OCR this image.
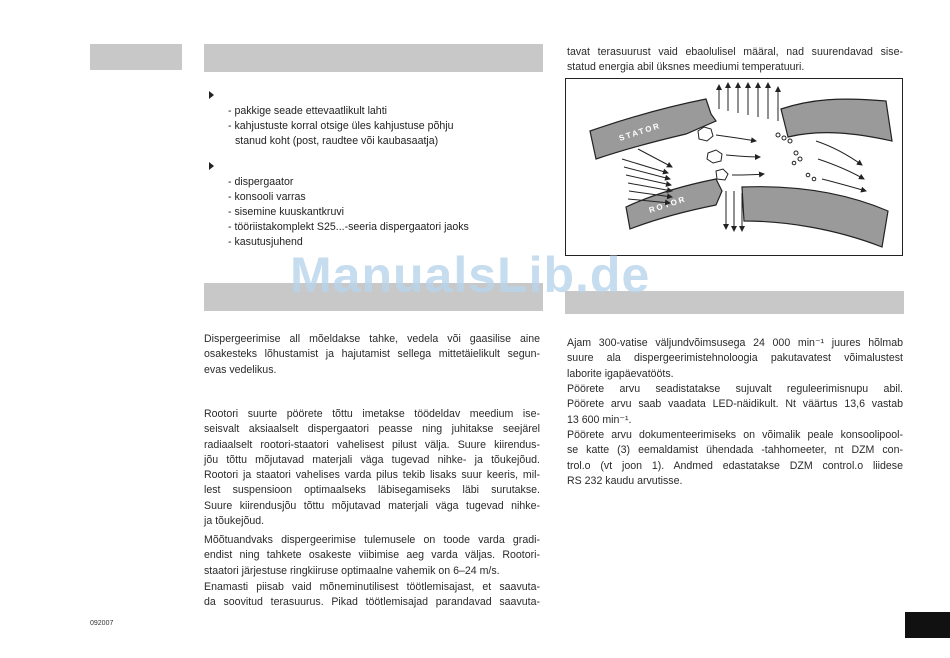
- pakkige seade ettevaatlikult lahti
- kahjustuste korral otsige üles kahjustuse põhju
stanud koht (post, raudtee või kaubasaatja)
- dispergaator
- konsooli varras
- sisemine kuuskantkruvi
- tööriistakomplekt S25...-seeria dispergaatori jaoks
- kasutusjuhend
Dispergeerimise all mõeldakse tahke, vedela või gaasilise aine
osakesteks lõhustamist ja hajutamist sellega mittetäielikult segun-
evas vedelikus.
Rootori suurte pöörete tõttu imetakse töödeldav meedium ise-
seisvalt aksiaalselt dispergaatori peasse ning juhitakse seejärel
radiaalselt rootori-staatori vahelisest pilust välja. Suure kiirendus-
jõu tõttu mõjutavad materjali väga tugevad nihke- ja tõukejõud.
Rootori ja staatori vahelises varda pilus tekib lisaks suur keeris, mil-
lest suspensioon optimaalseks läbisegamiseks läbi surutakse.
Suure kiirendusjõu tõttu mõjutavad materjali väga tugevad nihke-
ja tõukejõud.
Mõõtuandvaks dispergeerimise tulemusele on toode varda gradi-
endist ning tahkete osakeste viibimise aeg varda väljas. Rootori-
staatori järjestuse ringkiiruse optimaalne vahemik on 6–24 m/s.
Enamasti piisab vaid mõneminutilisest töötlemisajast, et saavuta-
da soovitud terasuurus. Pikad töötlemisajad parandavad saavuta-
tavat terasuurust vaid ebaolulisel määral, nad suurendavad sise-
statud energia abil üksnes meediumi temperatuuri.
STATOR
ROTOR
Ajam 300-vatise väljundvõimsusega 24 000 min⁻¹ juures hõlmab
suure ala dispergeerimistehnoloogia pakutavatest võimalustest
laborite igapäevatööts.
Pöörete arvu seadistatakse sujuvalt reguleerimisnupu abil.
Pöörete arvu saab vaadata LED-näidikult. Nt väärtus 13,6 vastab
13 600 min⁻¹.
Pöörete arvu dokumenteerimiseks on võimalik peale konsoolipool-
se katte (3) eemaldamist ühendada -tahhomeeter, nt DZM con-
trol.o (vt joon 1). Andmed edastatakse DZM control.o liidese
RS 232 kaudu arvutisse.
ManualsLib.de
092007
